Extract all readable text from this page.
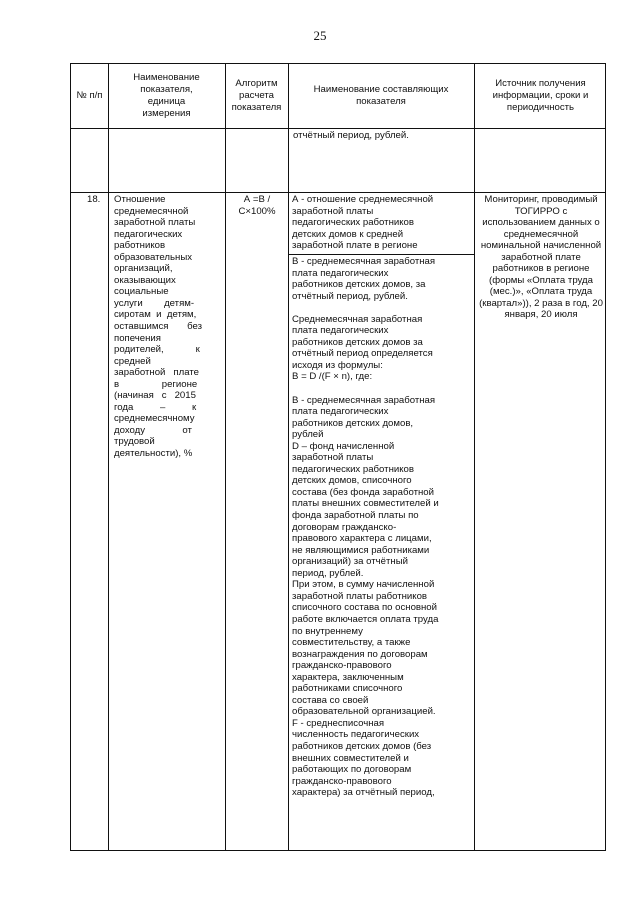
25
№ п/п
Наименование
показателя,
единица
измерения
Алгоритм
расчета
показателя
Наименование составляющих
показателя
Источник получения
информации, сроки и
периодичность
отчётный период, рублей.
18.	Отношение
среднемесячной
заработной платы
педагогических
работников
образовательных
организаций,
оказывающих
социальные
услуги        детям-
сиротам  и  детям,
оставшимся       без
попечения
родителей,            к
средней
заработной   плате
в                регионе
(начиная   с   2015
года          –          к
среднемесячному
доходу              от
трудовой
деятельности), %
А =В /
С×100%
А - отношение среднемесячной
заработной платы
педагогических работников
детских домов к средней
заработной плате в регионе
В - среднемесячная заработная
плата педагогических
работников детских домов, за
отчётный период, рублей.

Среднемесячная заработная
плата педагогических
работников детских домов за
отчётный период определяется
исходя из формулы:
B = D /(F × n), где:

В - среднемесячная заработная
плата педагогических
работников детских домов,
рублей
D – фонд начисленной
заработной платы
педагогических работников
детских домов, списочного
состава (без фонда заработной
платы внешних совместителей и
фонда заработной платы по
договорам гражданско-
правового характера с лицами,
не являющимися работниками
организаций) за отчётный
период, рублей.
При этом, в сумму начисленной
заработной платы работников
списочного состава по основной
работе включается оплата труда
по внутреннему
совместительству, а также
вознаграждения по договорам
гражданско-правового
характера, заключенным
работниками списочного
состава со своей
образовательной организацией.
F - среднесписочная
численность педагогических
работников детских домов (без
внешних совместителей и
работающих по договорам
гражданско-правового
характера) за отчётный период,
Мониторинг, проводимый
ТОГИРРО с
использованием данных о
среднемесячной
номинальной начисленной
заработной плате
работников в регионе
(формы «Оплата труда
(мес.)», «Оплата труда
(квартал»)), 2 раза в год, 20
января, 20 июля
